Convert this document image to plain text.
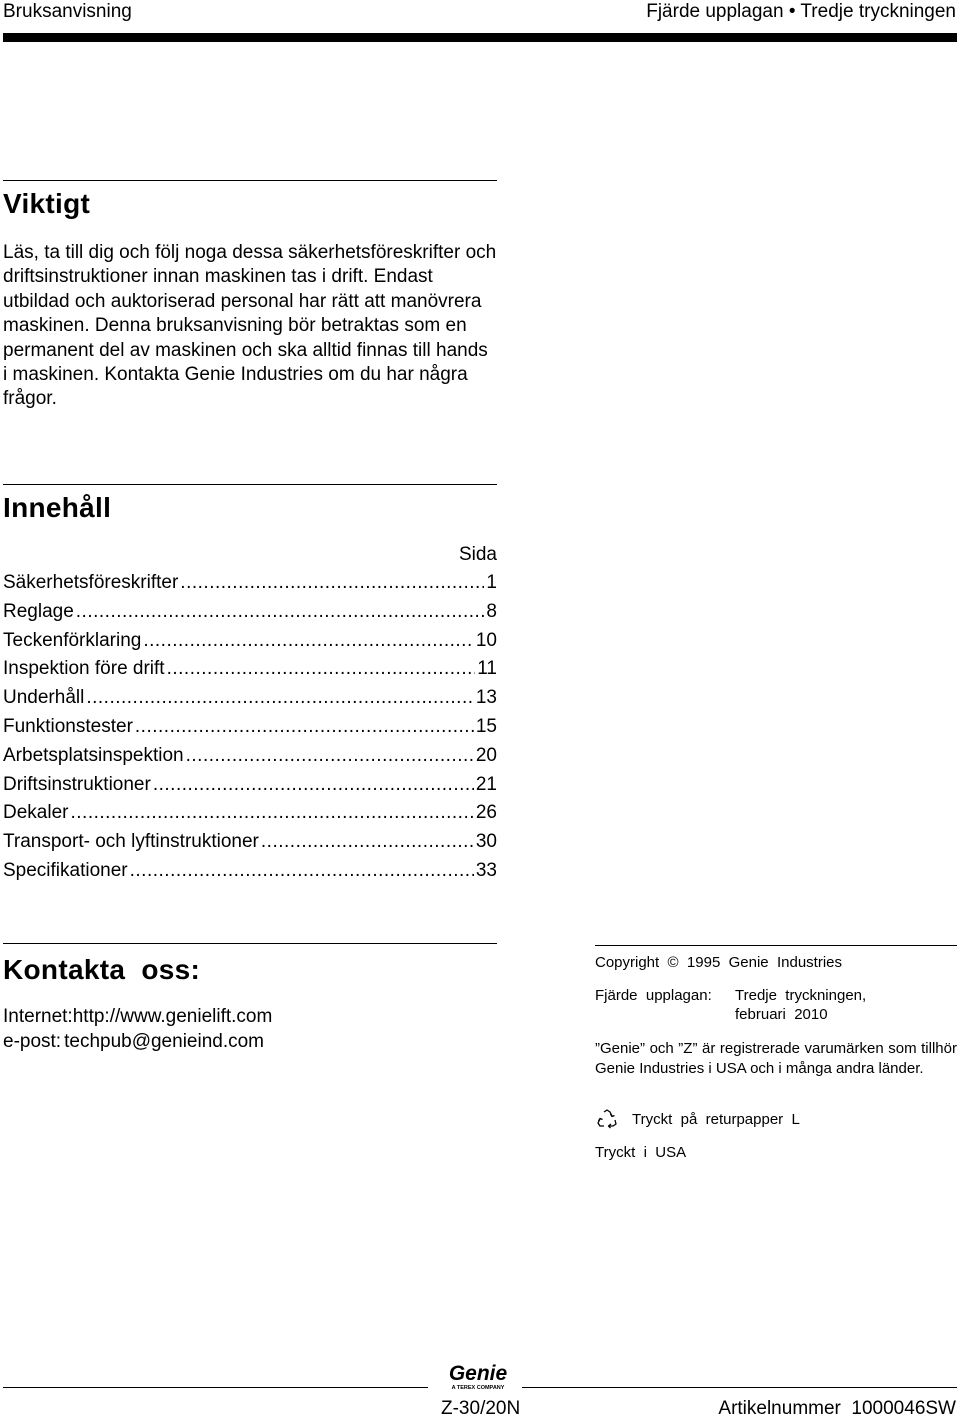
Bruksanvisning	Fjärde upplagan • Tredje tryckningen
Viktigt

Läs, ta till dig och följ noga dessa säkerhetsföreskrifter och driftsinstruktioner innan maskinen tas i drift. Endast utbildad och auktoriserad personal har rätt att manövrera maskinen. Denna bruksanvisning bör betraktas som en permanent del av maskinen och ska alltid finnas till hands i maskinen. Kontakta Genie Industries om du har några frågor.

Innehåll
Sida
Säkerhetsföreskrifter .....	1
Reglage .....	8
Teckenförklaring .....	10
Inspektion före drift .....	11
Underhåll .....	13
Funktionstester .....	15
Arbetsplatsinspektion .....	20
Driftsinstruktioner .....	21
Dekaler .....	26
Transport- och lyftinstruktioner .....	30
Specifikationer .....	33
Kontakta  oss:
Internet:http://www.genielift.com
e-post: techpub@genieind.com
Copyright  ©  1995  Genie  Industries
Fjärde  upplagan:	Tredje  tryckningen,
februari  2010
”Genie” och ”Z” är registrerade varumärken som tillhör Genie Industries i USA och i många andra länder.
Tryckt  på  returpapper  L
Tryckt  i  USA
Genie
A TEREX COMPANY
Z-30/20N	Artikelnummer  1000046SW
